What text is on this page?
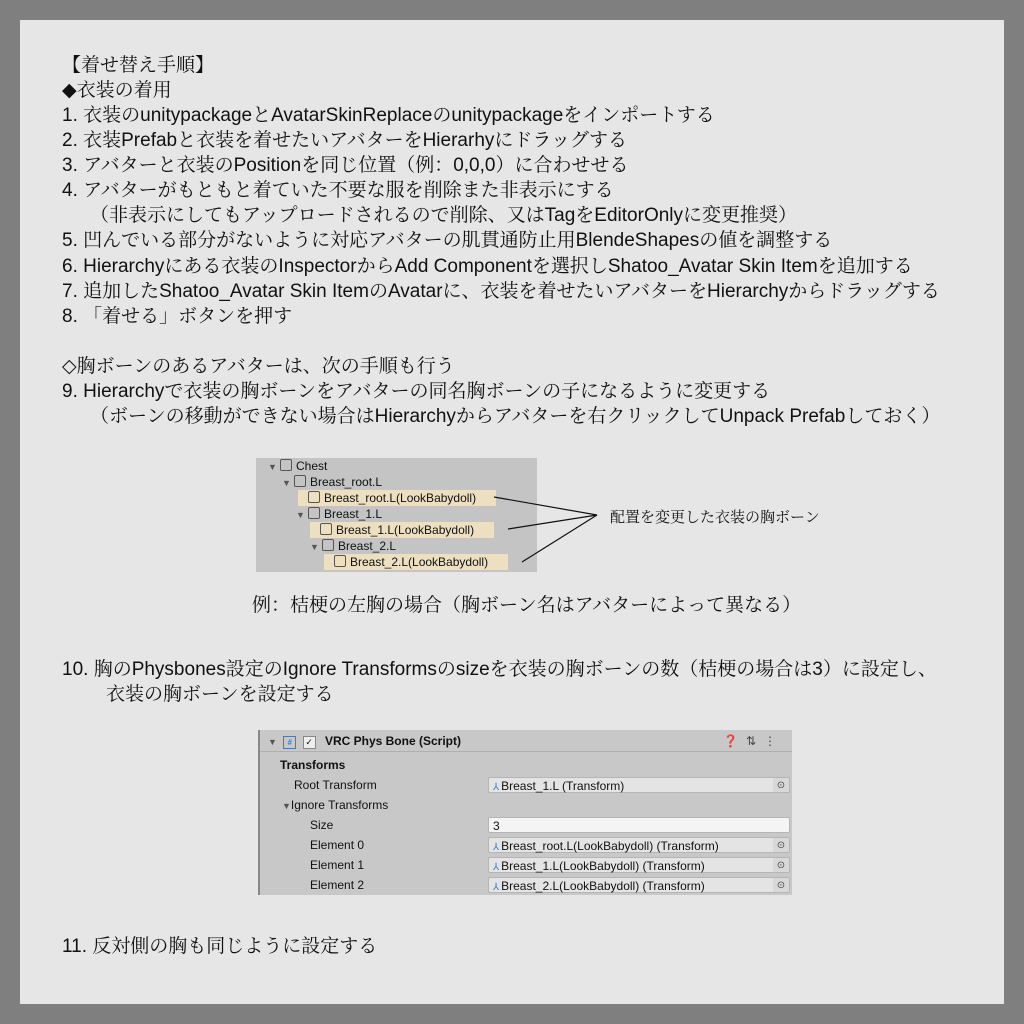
【着せ替え手順】
◆衣装の着用
1. 衣装のunitypackageとAvatarSkinReplaceのunitypackageをインポートする
2. 衣装Prefabと衣装を着せたいアバターをHierarhyにドラッグする
3. アバターと衣装のPositionを同じ位置（例：0,0,0）に合わせせる
4. アバターがもともと着ていた不要な服を削除また非表示にする
（非表示にしてもアップロードされるので削除、又はTagをEditorOnlyに変更推奨）
5. 凹んでいる部分がないように対応アバターの肌貫通防止用BlendeShapesの値を調整する
6. Hierarchyにある衣装のInspectorからAdd Componentを選択しShatoo_Avatar Skin Itemを追加する
7. 追加したShatoo_Avatar Skin ItemのAvatarに、衣装を着せたいアバターをHierarchyからドラッグする
8. 「着せる」ボタンを押す
◇胸ボーンのあるアバターは、次の手順も行う
9. Hierarchyで衣装の胸ボーンをアバターの同名胸ボーンの子になるように変更する
（ボーンの移動ができない場合はHierarchyからアバターを右クリックしてUnpack Prefabしておく）
▼ Chest
▼ Breast_root.L
Breast_root.L(LookBabydoll)
▼ Breast_1.L
Breast_1.L(LookBabydoll)
▼ Breast_2.L
Breast_2.L(LookBabydoll)
配置を変更した衣装の胸ボーン
例：桔梗の左胸の場合（胸ボーン名はアバターによって異なる）
10. 胸のPhysbones設定のIgnore Transformsのsizeを衣装の胸ボーンの数（桔梗の場合は3）に設定し、
衣装の胸ボーンを設定する
▼ # ✓ VRC Phys Bone (Script)	❓⇅⋮
Transforms
Root Transform	⅄ Breast_1.L (Transform)	⊙
▼Ignore Transforms
Size	3
Element 0	⅄ Breast_root.L(LookBabydoll) (Transform)	⊙
Element 1	⅄ Breast_1.L(LookBabydoll) (Transform)	⊙
Element 2	⅄ Breast_2.L(LookBabydoll) (Transform)	⊙
11. 反対側の胸も同じように設定する
